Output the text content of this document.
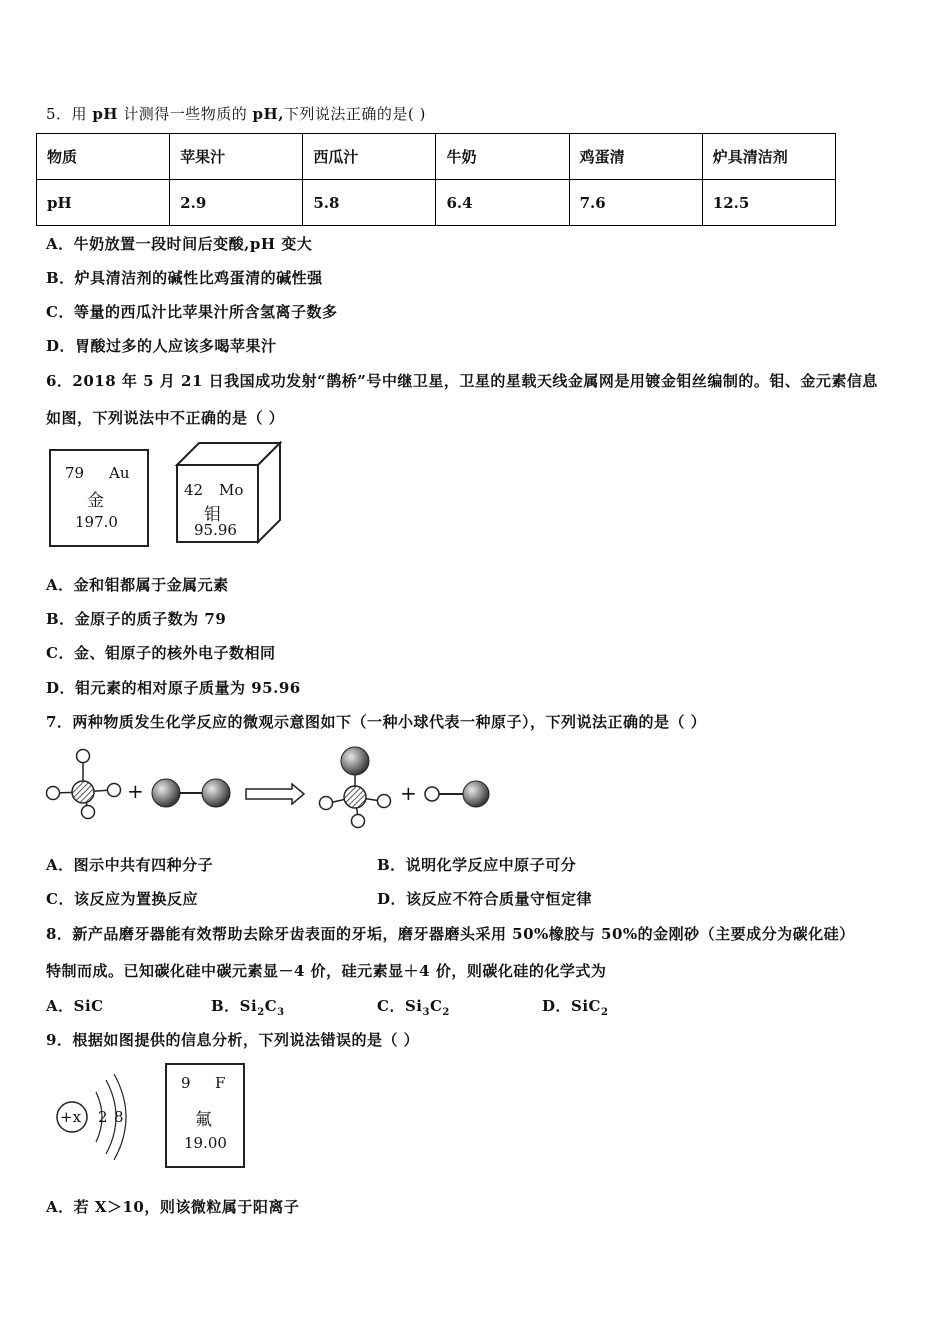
5．用 pH 计测得一些物质的 pH,下列说法正确的是( )
物质	苹果汁	西瓜汁	牛奶	鸡蛋清	炉具清洁剂
pH	2.9	5.8	6.4	7.6	12.5
A．牛奶放置一段时间后变酸,pH 变大
B．炉具清洁剂的碱性比鸡蛋清的碱性强
C．等量的西瓜汁比苹果汁所含氢离子数多
D．胃酸过多的人应该多喝苹果汁
6．2018 年 5 月 21 日我国成功发射“鹊桥”号中继卫星，卫星的星载天线金属网是用镀金钼丝编制的。钼、金元素信息
如图，下列说法中不正确的是（ ）
79 Au
金
197.0
42 Mo
钼
95.96
A．金和钼都属于金属元素
B．金原子的质子数为 79
C．金、钼原子的核外电子数相同
D．钼元素的相对原子质量为 95.96
7．两种物质发生化学反应的微观示意图如下（一种小球代表一种原子），下列说法正确的是（ ）
+	+
A．图示中共有四种分子	B．说明化学反应中原子可分
C．该反应为置换反应	D．该反应不符合质量守恒定律
8．新产品磨牙器能有效帮助去除牙齿表面的牙垢，磨牙器磨头采用 50%橡胶与 50%的金刚砂（主要成分为碳化硅）
特制而成。已知碳化硅中碳元素显－4 价，硅元素显＋4 价，则碳化硅的化学式为
A．SiC	B．$Si_2C_3$	C．$Si_3C_2$	D．SiC$_2$
9．根据如图提供的信息分析，下列说法错误的是（ ）
+x 2 8
9 F
氟
19.00
A．若 X＞10，则该微粒属于阳离子
